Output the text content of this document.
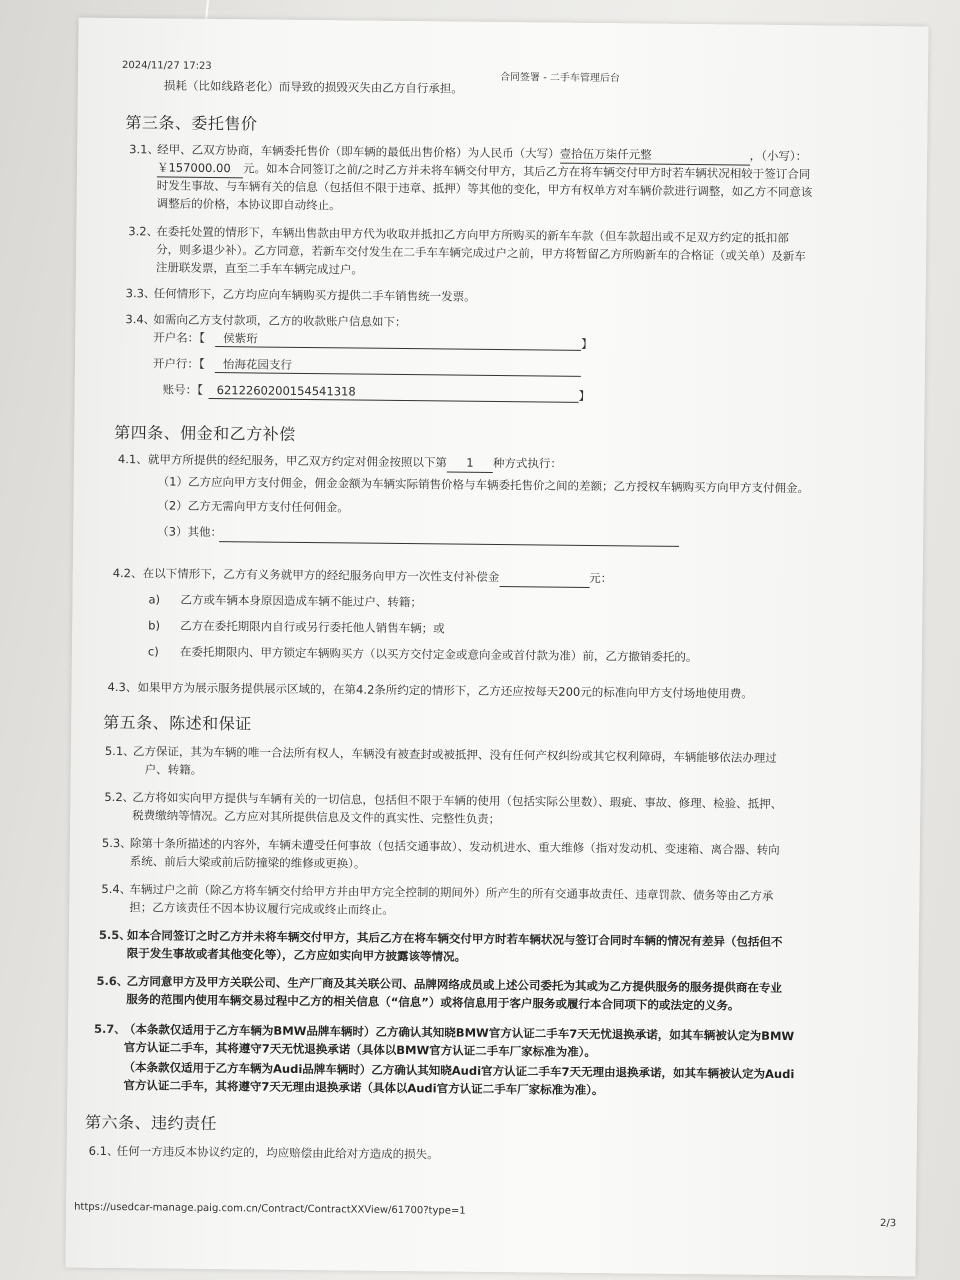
2024/11/27 17:23
合同签署 - 二手车管理后台
损耗（比如线路老化）而导致的损毁灭失由乙方自行承担。
第三条、委托售价
3.1、
经甲、乙双方协商，车辆委托售价（即车辆的最低出售价格）为人民币（大写）壹拾伍万柒仟元整	，（小写）：
￥157000.00 元。如本合同签订之前/之时乙方并未将车辆交付甲方，其后乙方在将车辆交付甲方时若车辆状况相较于签订合同
时发生事故、与车辆有关的信息（包括但不限于违章、抵押）等其他的变化，甲方有权单方对车辆价款进行调整，如乙方不同意该
调整后的价格，本协议即自动终止。
3.2、
在委托处置的情形下，车辆出售款由甲方代为收取并抵扣乙方向甲方所购买的新车车款（但车款超出或不足双方约定的抵扣部
分，则多退少补）。乙方同意，若新车交付发生在二手车车辆完成过户之前，甲方将暂留乙方所购新车的合格证（或关单）及新车
注册联发票，直至二手车车辆完成过户。
3.3、
任何情形下，乙方均应向车辆购买方提供二手车销售统一发票。
3.4、
如需向乙方支付款项，乙方的收款账户信息如下：
开户名：【 侯紫珩	】
开户行：【 怡海花园支行
账号：【 6212260200154541318	】
第四条、佣金和乙方补偿
4.1、 就甲方所提供的经纪服务，甲乙双方约定对佣金按照以下第 1 种方式执行：
（1）乙方应向甲方支付佣金，佣金金额为车辆实际销售价格与车辆委托售价之间的差额；乙方授权车辆购买方向甲方支付佣金。
（2）乙方无需向甲方支付任何佣金。
（3）其他：
4.2、 在以下情形下，乙方有义务就甲方的经纪服务向甲方一次性支付补偿金	元：
a) 乙方或车辆本身原因造成车辆不能过户、转籍；
b) 乙方在委托期限内自行或另行委托他人销售车辆；或
c) 在委托期限内、甲方锁定车辆购买方（以买方交付定金或意向金或首付款为准）前，乙方撤销委托的。
4.3、 如果甲方为展示服务提供展示区域的，在第4.2条所约定的情形下，乙方还应按每天200元的标准向甲方支付场地使用费。
第五条、陈述和保证
5.1、
乙方保证，其为车辆的唯一合法所有权人，车辆没有被查封或被抵押、没有任何产权纠纷或其它权利障碍，车辆能够依法办理过
户、转籍。
5.2、
乙方将如实向甲方提供与车辆有关的一切信息，包括但不限于车辆的使用（包括实际公里数）、瑕疵、事故、修理、检验、抵押、
税费缴纳等情况。乙方应对其所提供信息及文件的真实性、完整性负责；
5.3、
除第十条所描述的内容外，车辆未遭受任何事故（包括交通事故）、发动机进水、重大维修（指对发动机、变速箱、离合器、转向
系统、前后大梁或前后防撞梁的维修或更换）。
5.4、
车辆过户之前（除乙方将车辆交付给甲方并由甲方完全控制的期间外）所产生的所有交通事故责任、违章罚款、债务等由乙方承
担；乙方该责任不因本协议履行完成或终止而终止。
5.5、
如本合同签订之时乙方并未将车辆交付甲方，其后乙方在将车辆交付甲方时若车辆状况与签订合同时车辆的情况有差异（包括但不
限于发生事故或者其他变化等），乙方应如实向甲方披露该等情况。
5.6、
乙方同意甲方及甲方关联公司、生产厂商及其关联公司、品牌网络成员或上述公司委托为其或为乙方提供服务的服务提供商在专业
服务的范围内使用车辆交易过程中乙方的相关信息（“信息”）或将信息用于客户服务或履行本合同项下的或法定的义务。
5.7、
（本条款仅适用于乙方车辆为BMW品牌车辆时）乙方确认其知晓BMW官方认证二手车7天无忧退换承诺，如其车辆被认定为BMW
官方认证二手车，其将遵守7天无忧退换承诺（具体以BMW官方认证二手车厂家标准为准）。
（本条款仅适用于乙方车辆为Audi品牌车辆时）乙方确认其知晓Audi官方认证二手车7天无理由退换承诺，如其车辆被认定为Audi
官方认证二手车，其将遵守7天无理由退换承诺（具体以Audi官方认证二手车厂家标准为准）。
第六条、违约责任
6.1、
任何一方违反本协议约定的，均应赔偿由此给对方造成的损失。
https://usedcar-manage.paig.com.cn/Contract/ContractXXView/61700?type=1
2/3
